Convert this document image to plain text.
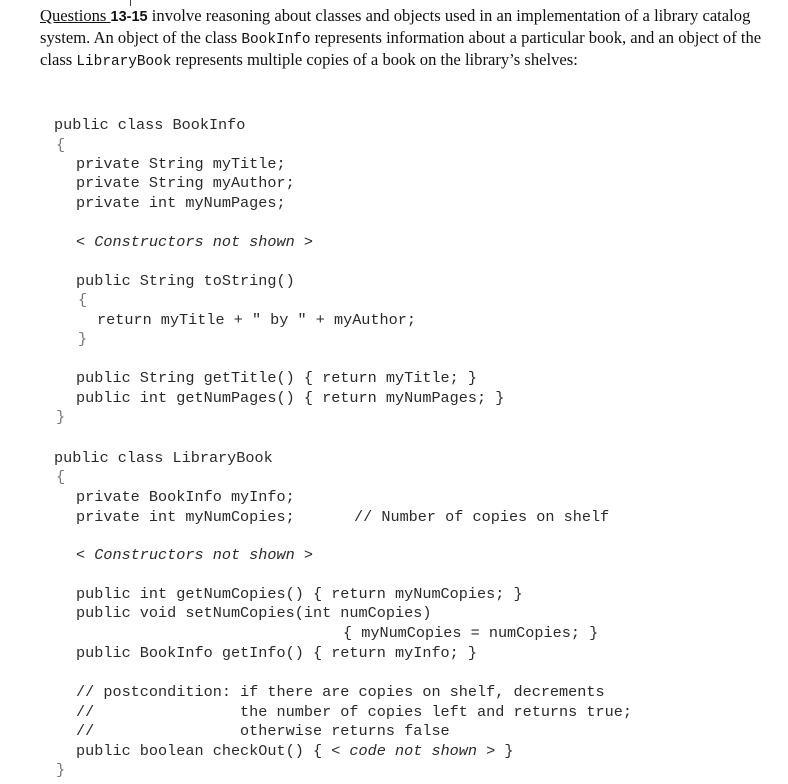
Questions 13-15 involve reasoning about classes and objects used in an implementation of a library catalog system. An object of the class BookInfo represents information about a particular book, and an object of the class LibraryBook represents multiple copies of a book on the library’s shelves:
public class BookInfo
{
private String myTitle;
private String myAuthor;
private int myNumPages;
< Constructors not shown >
public String toString()
{
return myTitle + " by " + myAuthor;
}
public String getTitle() { return myTitle; }
public int getNumPages() { return myNumPages; }
}
public class LibraryBook
{
private BookInfo myInfo;
private int myNumCopies;	// Number of copies on shelf
< Constructors not shown >
public int getNumCopies() { return myNumCopies; }
public void setNumCopies(int numCopies)
{ myNumCopies = numCopies; }
public BookInfo getInfo() { return myInfo; }
// postcondition: if there are copies on shelf, decrements
//                the number of copies left and returns true;
//                otherwise returns false
public boolean checkOut() { < code not shown > }
}
